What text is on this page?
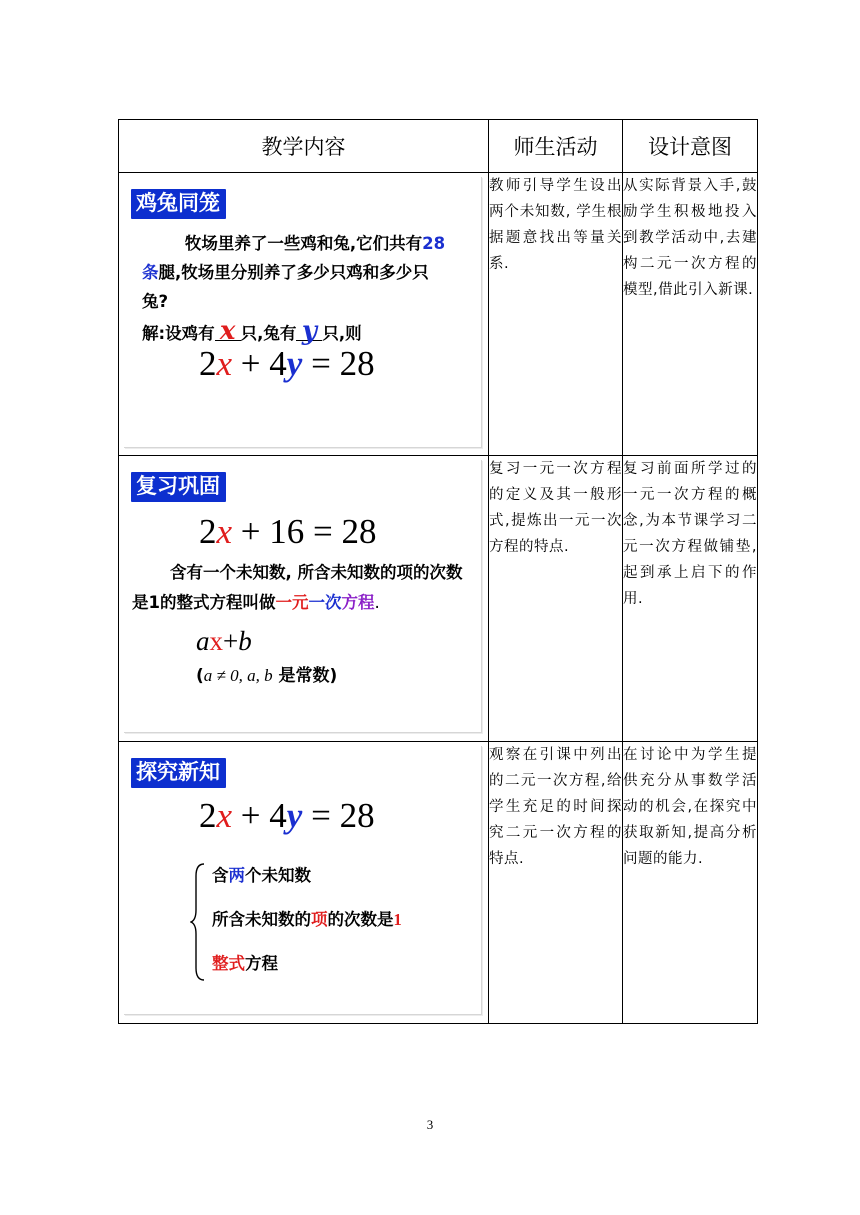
教学内容	师生活动	设计意图

鸡兔同笼
牧场里养了一些鸡和兔,它们共有28条腿,牧场里分别养了多少只鸡和多少只兔?
解:设鸡有 x 只,兔有 y 只,则
2x + 4y = 28	教师引导学生设出两个未知数, 学生根据题意找出等量关系.	从实际背景入手,鼓励学生积极地投入到教学活动中,去建构二元一次方程的模型,借此引入新课.

复习巩固
2x + 16 = 28
含有一个未知数, 所含未知数的项的次数是1的整式方程叫做一元一次方程.
ax+b
(a ≠ 0, a, b 是常数)	复习一元一次方程的定义及其一般形式,提炼出一元一次方程的特点.	复习前面所学过的一元一次方程的概念,为本节课学习二元一次方程做铺垫,起到承上启下的作用.

探究新知
2x + 4y = 28
含两个未知数
所含未知数的项的次数是1
整式方程	观察在引课中列出的二元一次方程,给学生充足的时间探究二元一次方程的特点.	在讨论中为学生提供充分从事数学活动的机会,在探究中获取新知,提高分析问题的能力.
3
